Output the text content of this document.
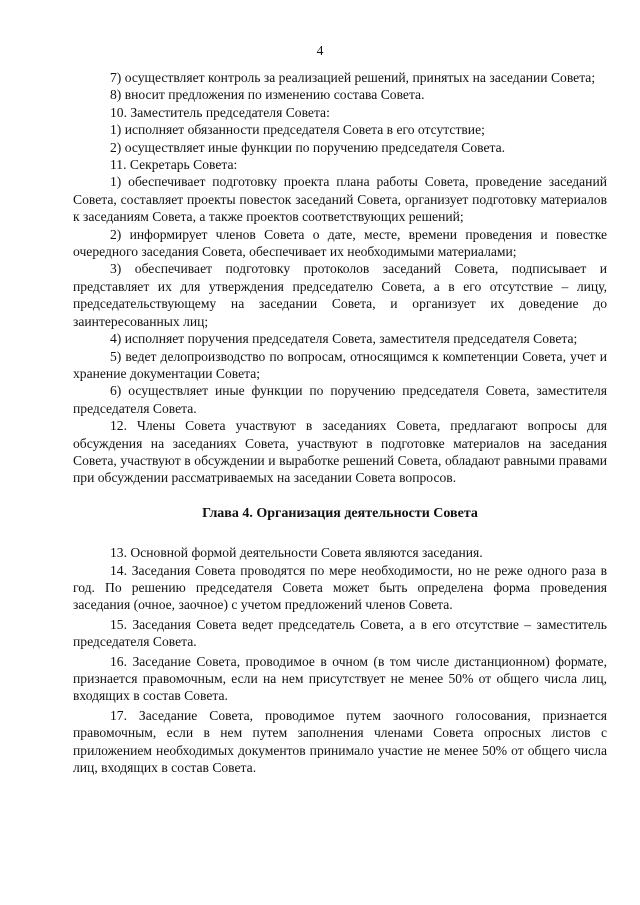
4

7) осуществляет контроль за реализацией решений, принятых на заседании Совета;

8) вносит предложения по изменению состава Совета.

10. Заместитель председателя Совета:

1) исполняет обязанности председателя Совета в его отсутствие;

2) осуществляет иные функции по поручению председателя Совета.

11. Секретарь Совета:

1) обеспечивает подготовку проекта плана работы Совета, проведение заседаний Совета, составляет проекты повесток заседаний Совета, организует подготовку материалов к заседаниям Совета, а также проектов соответствующих решений;

2) информирует членов Совета о дате, месте, времени проведения и повестке очередного заседания Совета, обеспечивает их необходимыми материалами;

3) обеспечивает подготовку протоколов заседаний Совета, подписывает и представляет их для утверждения председателю Совета, а в его отсутствие – лицу, председательствующему на заседании Совета, и организует их доведение до заинтересованных лиц;

4) исполняет поручения председателя Совета, заместителя председателя Совета;

5) ведет делопроизводство по вопросам, относящимся к компетенции Совета, учет и хранение документации Совета;

6) осуществляет иные функции по поручению председателя Совета, заместителя председателя Совета.

12. Члены Совета участвуют в заседаниях Совета, предлагают вопросы для обсуждения на заседаниях Совета, участвуют в подготовке материалов на заседания Совета, участвуют в обсуждении и выработке решений Совета, обладают равными правами при обсуждении рассматриваемых на заседании Совета вопросов.

Глава 4. Организация деятельности Совета

13. Основной формой деятельности Совета являются заседания.

14. Заседания Совета проводятся по мере необходимости, но не реже одного раза в год. По решению председателя Совета может быть определена форма проведения заседания (очное, заочное) с учетом предложений членов Совета.

15. Заседания Совета ведет председатель Совета, а в его отсутствие – заместитель председателя Совета.

16. Заседание Совета, проводимое в очном (в том числе дистанционном) формате, признается правомочным, если на нем присутствует не менее 50% от общего числа лиц, входящих в состав Совета.

17. Заседание Совета, проводимое путем заочного голосования, признается правомочным, если в нем путем заполнения членами Совета опросных листов с приложением необходимых документов принимало участие не менее 50% от общего числа лиц, входящих в состав Совета.
